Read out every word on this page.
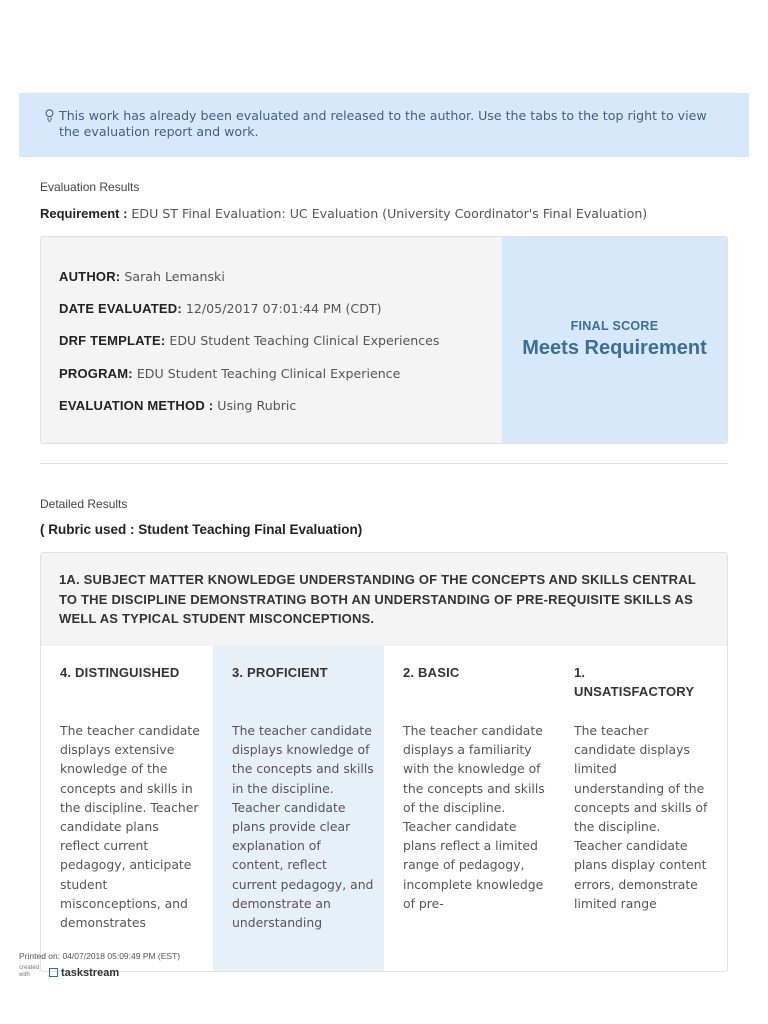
This work has already been evaluated and released to the author. Use the tabs to the top right to view the evaluation report and work.
Evaluation Results
Requirement : EDU ST Final Evaluation: UC Evaluation (University Coordinator's Final Evaluation)
AUTHOR: Sarah Lemanski
DATE EVALUATED: 12/05/2017 07:01:44 PM (CDT)
DRF TEMPLATE: EDU Student Teaching Clinical Experiences
PROGRAM: EDU Student Teaching Clinical Experience
EVALUATION METHOD : Using Rubric
FINAL SCORE
Meets Requirement
Detailed Results
( Rubric used : Student Teaching Final Evaluation)
1A. SUBJECT MATTER KNOWLEDGE UNDERSTANDING OF THE CONCEPTS AND SKILLS CENTRAL TO THE DISCIPLINE DEMONSTRATING BOTH AN UNDERSTANDING OF PRE-REQUISITE SKILLS AS WELL AS TYPICAL STUDENT MISCONCEPTIONS.
4. DISTINGUISHED
The teacher candidate displays extensive knowledge of the concepts and skills in the discipline. Teacher candidate plans reflect current pedagogy, anticipate student misconceptions, and demonstrates
3. PROFICIENT
The teacher candidate displays knowledge of the concepts and skills in the discipline. Teacher candidate plans provide clear explanation of content, reflect current pedagogy, and demonstrate an understanding
2. BASIC
The teacher candidate displays a familiarity with the knowledge of the concepts and skills of the discipline. Teacher candidate plans reflect a limited range of pedagogy, incomplete knowledge of pre-
1. UNSATISFACTORY
The teacher candidate displays limited understanding of the concepts and skills of the discipline. Teacher candidate plans display content errors, demonstrate limited range
Printed on: 04/07/2018 05:09:49 PM (EST)
created with	taskstream
